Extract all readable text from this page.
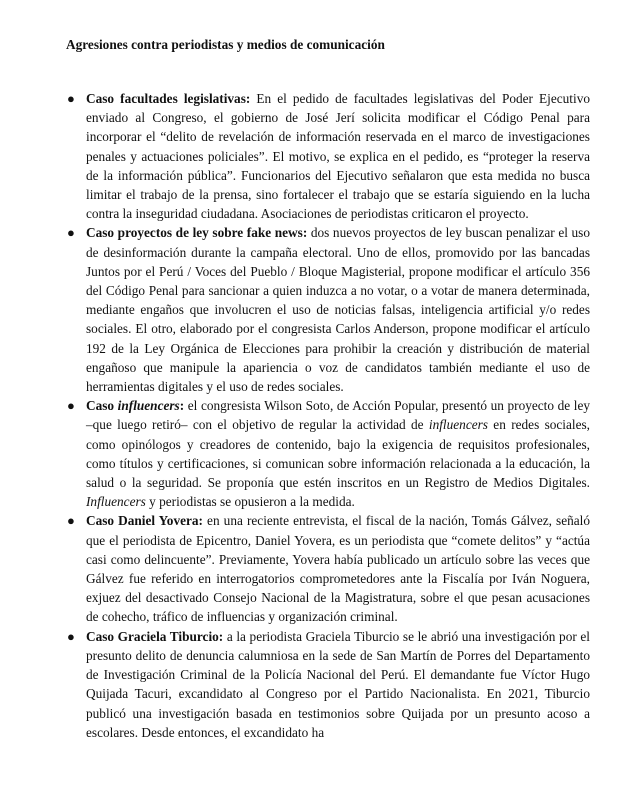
Agresiones contra periodistas y medios de comunicación
● Caso facultades legislativas: En el pedido de facultades legislativas del Poder Ejecutivo enviado al Congreso, el gobierno de José Jerí solicita modificar el Código Penal para incorporar el “delito de revelación de información reservada en el marco de investigaciones penales y actuaciones policiales”. El motivo, se explica en el pedido, es “proteger la reserva de la información pública”. Funcionarios del Ejecutivo señalaron que esta medida no busca limitar el trabajo de la prensa, sino fortalecer el trabajo que se estaría siguiendo en la lucha contra la inseguridad ciudadana. Asociaciones de periodistas criticaron el proyecto.
● Caso proyectos de ley sobre fake news: dos nuevos proyectos de ley buscan penalizar el uso de desinformación durante la campaña electoral. Uno de ellos, promovido por las bancadas Juntos por el Perú / Voces del Pueblo / Bloque Magisterial, propone modificar el artículo 356 del Código Penal para sancionar a quien induzca a no votar, o a votar de manera determinada, mediante engaños que involucren el uso de noticias falsas, inteligencia artificial y/o redes sociales. El otro, elaborado por el congresista Carlos Anderson, propone modificar el artículo 192 de la Ley Orgánica de Elecciones para prohibir la creación y distribución de material engañoso que manipule la apariencia o voz de candidatos también mediante el uso de herramientas digitales y el uso de redes sociales.
● Caso influencers: el congresista Wilson Soto, de Acción Popular, presentó un proyecto de ley –que luego retiró– con el objetivo de regular la actividad de influencers en redes sociales, como opinólogos y creadores de contenido, bajo la exigencia de requisitos profesionales, como títulos y certificaciones, si comunican sobre información relacionada a la educación, la salud o la seguridad. Se proponía que estén inscritos en un Registro de Medios Digitales. Influencers y periodistas se opusieron a la medida.
● Caso Daniel Yovera: en una reciente entrevista, el fiscal de la nación, Tomás Gálvez, señaló que el periodista de Epicentro, Daniel Yovera, es un periodista que “comete delitos” y “actúa casi como delincuente”. Previamente, Yovera había publicado un artículo sobre las veces que Gálvez fue referido en interrogatorios comprometedores ante la Fiscalía por Iván Noguera, exjuez del desactivado Consejo Nacional de la Magistratura, sobre el que pesan acusaciones de cohecho, tráfico de influencias y organización criminal.
● Caso Graciela Tiburcio: a la periodista Graciela Tiburcio se le abrió una investigación por el presunto delito de denuncia calumniosa en la sede de San Martín de Porres del Departamento de Investigación Criminal de la Policía Nacional del Perú. El demandante fue Víctor Hugo Quijada Tacuri, excandidato al Congreso por el Partido Nacionalista. En 2021, Tiburcio publicó una investigación basada en testimonios sobre Quijada por un presunto acoso a escolares. Desde entonces, el excandidato ha
